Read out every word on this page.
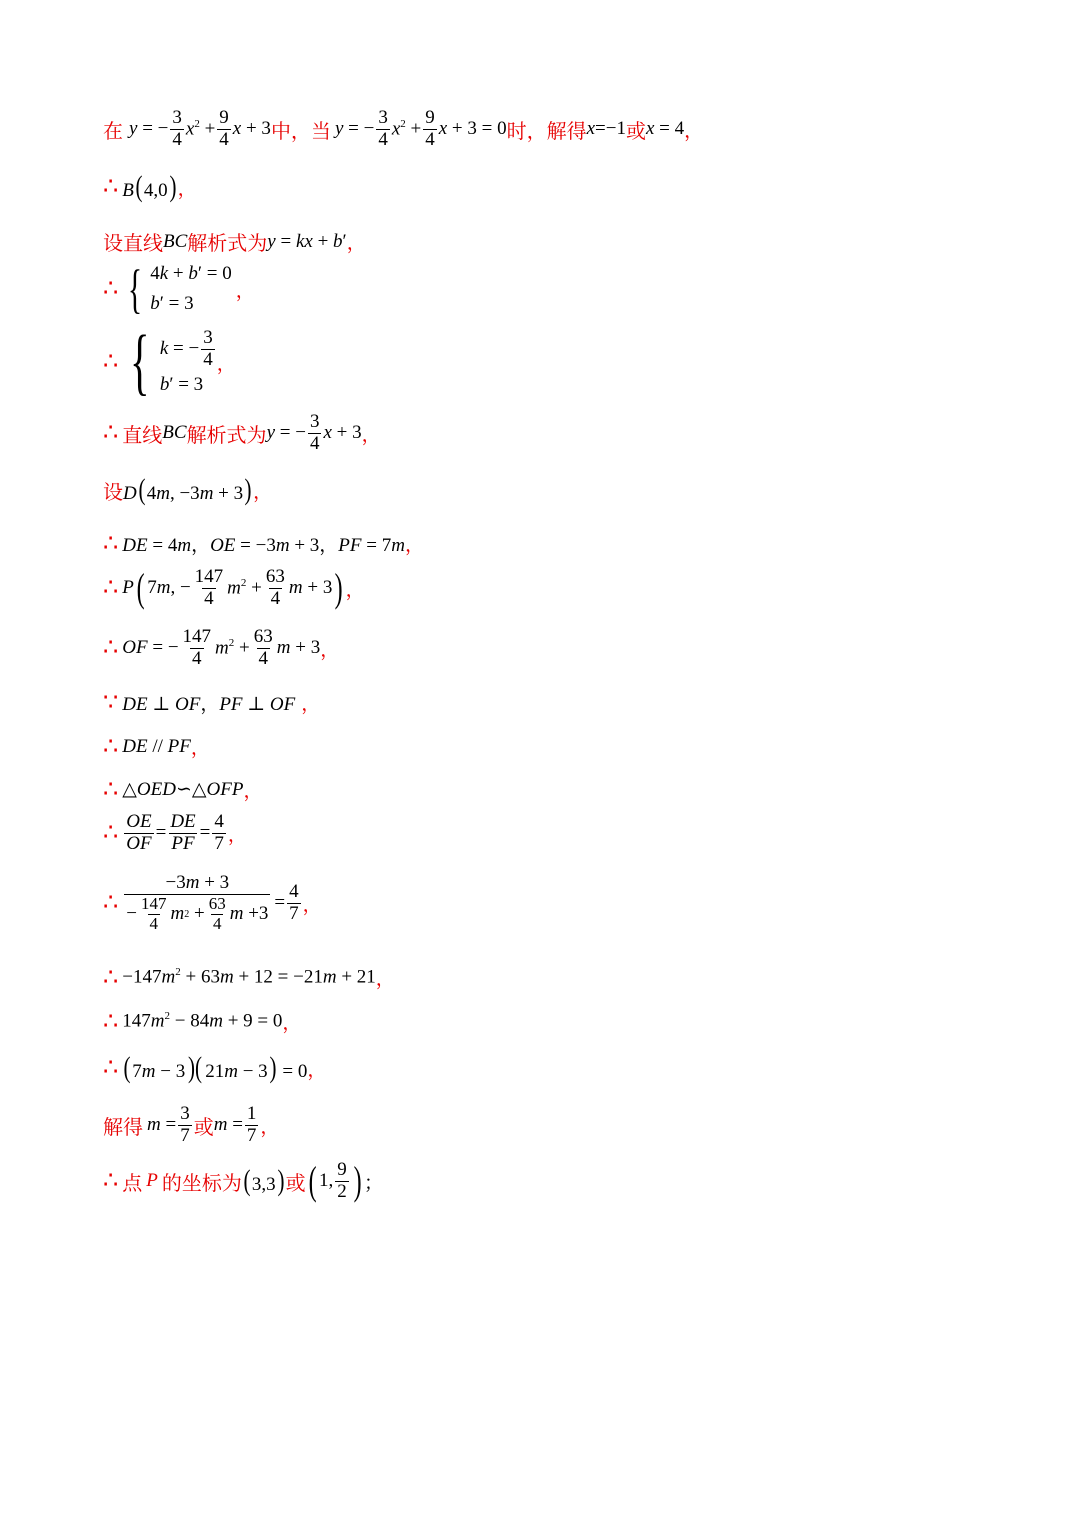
在 y = − $\frac{3}{4} x^2 + \frac{9}{4}$ x + 3 中， 当 y = − $\frac{3}{4} x^2 + \frac{9}{4}$ x + 3 = 0 时， 解得 x=−1 或 x = 4 ，
∴ B(4,0) ，
设直线 BC 解析式为 y = kx + b′ ，
∴ { 4k + b′ = 0
b′ = 3
，
∴ { k = − $\frac{3}{4}$
b′ = 3
，
∴ 直线 BC 解析式为 y = − $\frac{3}{4}$ x + 3 ，
设 D(4m, −3m + 3) ，
∴ DE = 4m，OE = −3m + 3，PF = 7m ，
∴ P ( 7m, − $\frac{147}{4} m^2 + \frac{63}{4}$ m + 3 ) ，
∴ OF = − $\frac{147}{4} m^2 + \frac{63}{4}$ m + 3 ，
∵ DE ⊥ OF，PF ⊥ OF ，
∴ DE // PF ，
∴ △OED∽△OFP ，
∴ $\frac{OE}{OF} = \frac{DE}{PF} = \frac{4}{7}$ ，
∴ $\frac{-3m + 3}{- \frac{147}{4} m 2 + \frac{63}{4} m +3} = \frac{4}{7}$ ，
∴ $-147m^2 + 63m + 12 = -21m + 21$ ，
∴ $147m^2 - 84m + 9 = 0$ ，
∴ (7m − 3)( 21m − 3) = 0 ，
解得 $m = \frac{3}{7}$ 或 $m = \frac{1}{7}$ ，
∴ 点 P 的坐标为 (3,3) 或 ( 1, $\frac{9}{2}$ ) ；
